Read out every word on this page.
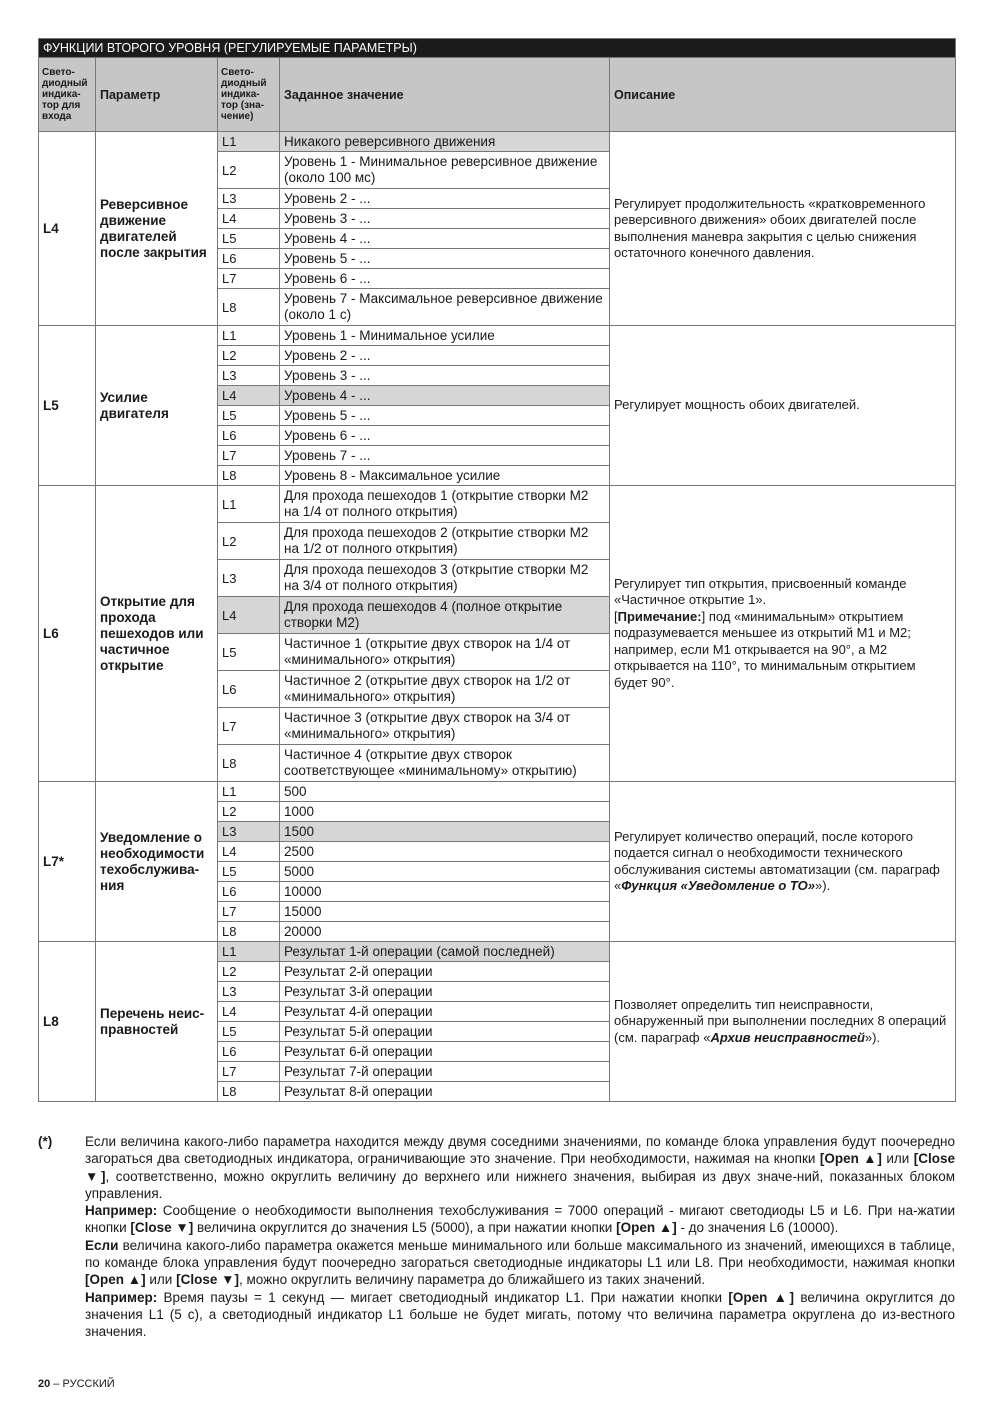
ФУНКЦИИ ВТОРОГО УРОВНЯ (РЕГУЛИРУЕМЫЕ ПАРАМЕТРЫ)				
Свето-диодный индика-тор для входа	Параметр	Свето-диодный индика-тор (зна-чение)	Заданное значение	Описание
L4	Реверсивное движение двигателей после закрытия	L1	Никакого реверсивного движения	Регулирует продолжительность «кратковременного реверсивного движения» обоих двигателей после выполнения маневра закрытия с целью снижения остаточного конечного давления.
		L2	Уровень 1 - Минимальное реверсивное движение (около 100 мс)	
		L3	Уровень 2 - ...	
		L4	Уровень 3 - ...	
		L5	Уровень 4 - ...	
		L6	Уровень 5 - ...	
		L7	Уровень 6 - ...	
		L8	Уровень 7 - Максимальное реверсивное движение (около 1 с)	
L5	Усилие двигателя	L1	Уровень 1 - Минимальное усилие	Регулирует мощность обоих двигателей.
		L2	Уровень 2 - ...	
		L3	Уровень 3 - ...	
		L4	Уровень 4 - ...	
		L5	Уровень 5 - ...	
		L6	Уровень 6 - ...	
		L7	Уровень 7 - ...	
		L8	Уровень 8 - Максимальное усилие	
L6	Открытие для прохода пешеходов или частичное открытие	L1	Для прохода пешеходов 1 (открытие створки М2 на 1/4 от полного открытия)	Регулирует тип открытия, присвоенный команде «Частичное открытие 1».
[Примечание:] под «минимальным» открытием подразумевается меньшее из открытий М1 и М2; например, если М1 открывается на 90°, а М2 открывается на 110°, то минимальным открытием будет 90°.
		L2	Для прохода пешеходов 2 (открытие створки М2 на 1/2 от полного открытия)	
		L3	Для прохода пешеходов 3 (открытие створки М2 на 3/4 от полного открытия)	
		L4	Для прохода пешеходов 4 (полное открытие створки М2)	
		L5	Частичное 1 (открытие двух створок на 1/4 от «минимального» открытия)	
		L6	Частичное 2 (открытие двух створок на 1/2 от «минимального» открытия)	
		L7	Частичное 3 (открытие двух створок на 3/4 от «минимального» открытия)	
		L8	Частичное 4 (открытие двух створок соответствующее «минимальному» открытию)	
L7*	Уведомление о необходимости техобслужива-ния	L1	500	Регулирует количество операций, после которого подается сигнал о необходимости технического обслуживания системы автоматизации (см. параграф «Функция «Уведомление о ТО»»).
		L2	1000	
		L3	1500	
		L4	2500	
		L5	5000	
		L6	10000	
		L7	15000	
		L8	20000	
L8	Перечень неис-правностей	L1	Результат 1-й операции (самой последней)	Позволяет определить тип неисправности, обнаруженный при выполнении последних 8 операций (см. параграф «Архив неисправностей»).
		L2	Результат 2-й операции	
		L3	Результат 3-й операции	
		L4	Результат 4-й операции	
		L5	Результат 5-й операции	
		L6	Результат 6-й операции	
		L7	Результат 7-й операции	
		L8	Результат 8-й операции	
(*) Если величина какого-либо параметра находится между двумя соседними значениями, по команде блока управления будут поочередно загораться два светодиодных индикатора, ограничивающие это значение. При необходимости, нажимая на кнопки [Open ▲] или [Close ▼], соответственно, можно округлить величину до верхнего или нижнего значения, выбирая из двух значе-ний, показанных блоком управления.

Например: Сообщение о необходимости выполнения техобслуживания = 7000 операций - мигают светодиоды L5 и L6. При на-жатии кнопки [Close ▼] величина округлится до значения L5 (5000), а при нажатии кнопки [Open ▲] - до значения L6 (10000).

Если величина какого-либо параметра окажется меньше минимального или больше максимального из значений, имеющихся в таблице, по команде блока управления будут поочередно загораться светодиодные индикаторы L1 или L8. При необходимости, нажимая кнопки [Open ▲] или [Close ▼], можно округлить величину параметра до ближайшего из таких значений.

Например: Время паузы = 1 секунд — мигает светодиодный индикатор L1. При нажатии кнопки [Open ▲] величина округлится до значения L1 (5 с), а светодиодный индикатор L1 больше не будет мигать, потому что величина параметра округлена до из-вестного значения.

20 – РУССКИЙ
